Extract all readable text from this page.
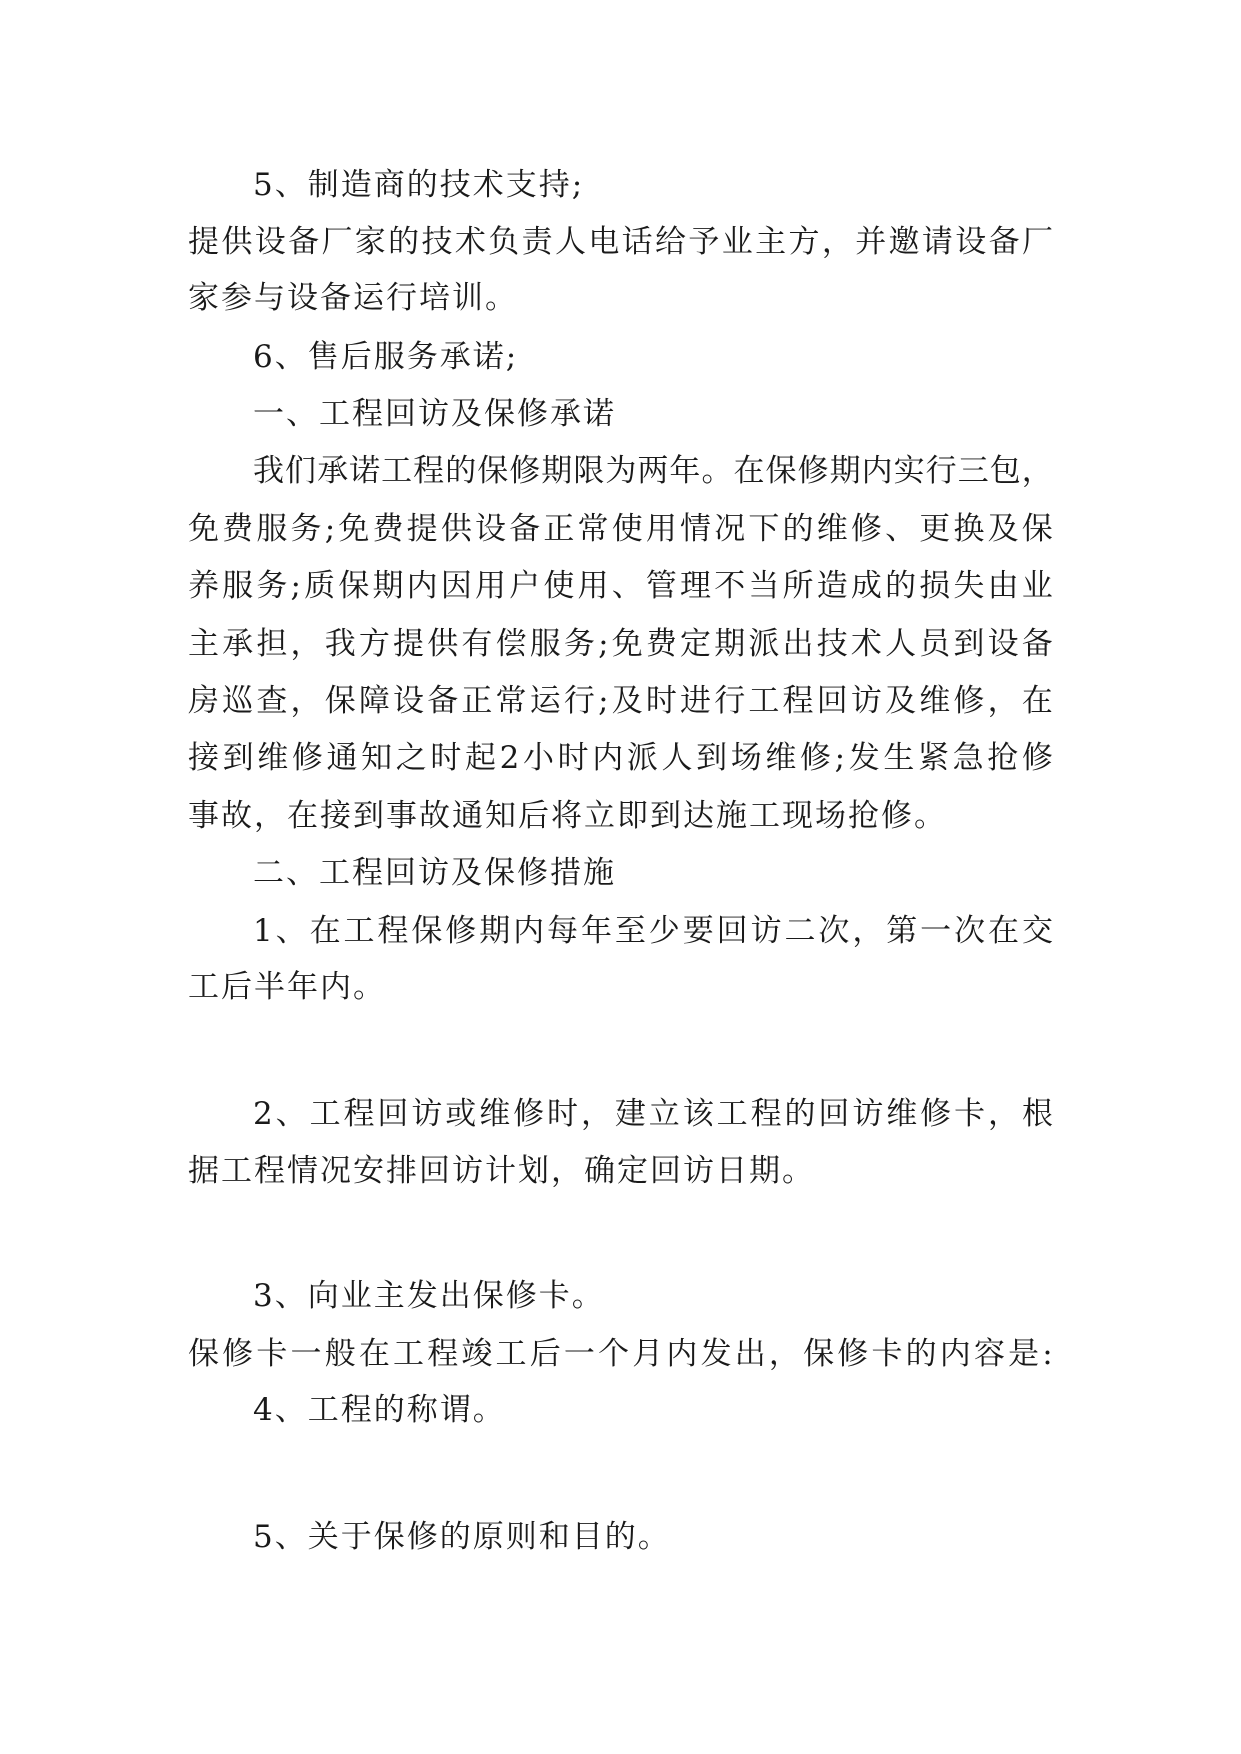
5、制造商的技术支持;
提 供 设 备 厂 家 的 技 术 负 责 人 电 话 给 予 业 主 方 ， 并 邀 请 设 备 厂
家参与设备运行培训。
6、售后服务承诺;
一、工程回访及保修承诺
我 们 承 诺 工 程 的 保 修 期 限 为 两 年 。 在 保 修 期 内 实 行 三 包 ，
免 费 服 务 ; 免 费 提 供 设 备 正 常 使 用 情 况 下 的 维 修 、 更 换 及 保
养 服 务 ; 质 保 期 内 因 用 户 使 用 、 管 理 不 当 所 造 成 的 损 失 由 业
主 承 担 ， 我 方 提 供 有 偿 服 务 ; 免 费 定 期 派 出 技 术 人 员 到 设 备
房 巡 查 ， 保 障 设 备 正 常 运 行 ; 及 时 进 行 工 程 回 访 及 维 修 ， 在
接 到 维 修 通 知 之 时 起 2 小 时 内 派 人 到 场 维 修 ; 发 生 紧 急 抢 修
事故，在接到事故通知后将立即到达施工现场抢修。
二、工程回访及保修措施
1 、 在 工 程 保 修 期 内 每 年 至 少 要 回 访 二 次 ， 第 一 次 在 交
工后半年内。
2 、 工 程 回 访 或 维 修 时 ， 建 立 该 工 程 的 回 访 维 修 卡 ， 根
据工程情况安排回访计划，确定回访日期。
3、向业主发出保修卡。
保 修 卡 一 般 在 工 程 竣 工 后 一 个 月 内 发 出 ， 保 修 卡 的 内 容 是 :
4、工程的称谓。
5、关于保修的原则和目的。
